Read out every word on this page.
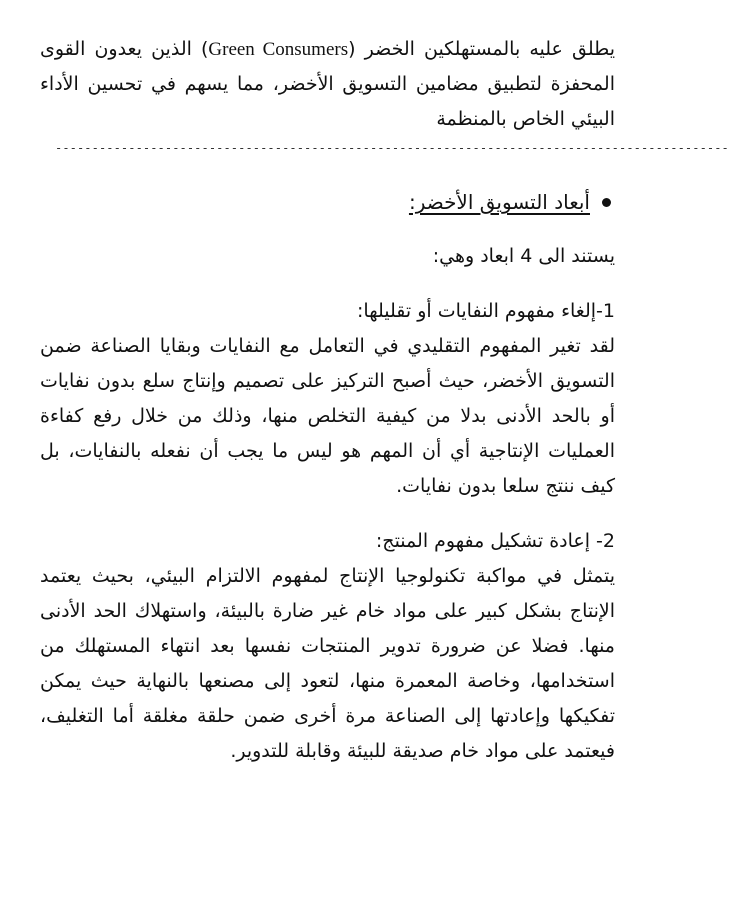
يطلق عليه بالمستهلكين الخضر (Green Consumers) الذين يعدون القوى المحفزة لتطبيق مضامين التسويق الأخضر، مما يسهم في تحسين الأداء البيئي الخاص بالمنظمة

--------------------------------------------------------------------------------------------
أبعاد التسويق الأخضر:

يستند الى 4 ابعاد وهي:

1-إلغاء مفهوم النفايات أو تقليلها:

لقد تغير المفهوم التقليدي في التعامل مع النفايات وبقايا الصناعة ضمن التسويق الأخضر، حيث أصبح التركيز على تصميم وإنتاج سلع بدون نفايات أو بالحد الأدنى بدلا من كيفية التخلص منها، وذلك من خلال رفع كفاءة العمليات الإنتاجية أي أن المهم هو ليس ما يجب أن نفعله بالنفايات، بل كيف ننتج سلعا بدون نفايات.

2- إعادة تشكيل مفهوم المنتج:

يتمثل في مواكبة تكنولوجيا الإنتاج لمفهوم الالتزام البيئي، بحيث يعتمد الإنتاج بشكل كبير على مواد خام غير ضارة بالبيئة، واستهلاك الحد الأدنى منها. فضلا عن ضرورة تدوير المنتجات نفسها بعد انتهاء المستهلك من استخدامها، وخاصة المعمرة منها، لتعود إلى مصنعها بالنهاية حيث يمكن تفكيكها وإعادتها إلى الصناعة مرة أخرى ضمن حلقة مغلقة أما التغليف، فيعتمد على مواد خام صديقة للبيئة وقابلة للتدوير.
